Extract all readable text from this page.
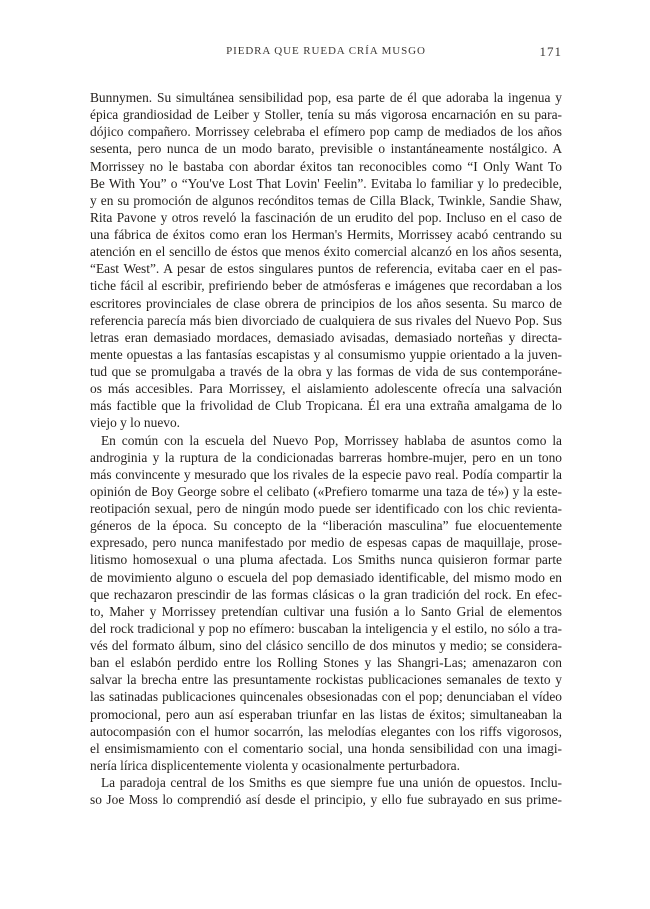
PIEDRA QUE RUEDA CRÍA MUSGO	171
Bunnymen. Su simultánea sensibilidad pop, esa parte de él que adoraba la ingenua y
épica grandiosidad de Leiber y Stoller, tenía su más vigorosa encarnación en su para-
dójico compañero. Morrissey celebraba el efímero pop camp de mediados de los años
sesenta, pero nunca de un modo barato, previsible o instantáneamente nostálgico. A
Morrissey no le bastaba con abordar éxitos tan reconocibles como “I Only Want To
Be With You” o “You've Lost That Lovin' Feelin”. Evitaba lo familiar y lo predecible,
y en su promoción de algunos recónditos temas de Cilla Black, Twinkle, Sandie Shaw,
Rita Pavone y otros reveló la fascinación de un erudito del pop. Incluso en el caso de
una fábrica de éxitos como eran los Herman's Hermits, Morrissey acabó centrando su
atención en el sencillo de éstos que menos éxito comercial alcanzó en los años sesenta,
“East West”. A pesar de estos singulares puntos de referencia, evitaba caer en el pas-
tiche fácil al escribir, prefiriendo beber de atmósferas e imágenes que recordaban a los
escritores provinciales de clase obrera de principios de los años sesenta. Su marco de
referencia parecía más bien divorciado de cualquiera de sus rivales del Nuevo Pop. Sus
letras eran demasiado mordaces, demasiado avisadas, demasiado norteñas y directa-
mente opuestas a las fantasías escapistas y al consumismo yuppie orientado a la juven-
tud que se promulgaba a través de la obra y las formas de vida de sus contemporáne-
os más accesibles. Para Morrissey, el aislamiento adolescente ofrecía una salvación
más factible que la frivolidad de Club Tropicana. Él era una extraña amalgama de lo
viejo y lo nuevo.
En común con la escuela del Nuevo Pop, Morrissey hablaba de asuntos como la
androginia y la ruptura de la condicionadas barreras hombre-mujer, pero en un tono
más convincente y mesurado que los rivales de la especie pavo real. Podía compartir la
opinión de Boy George sobre el celibato («Prefiero tomarme una taza de té») y la este-
reotipación sexual, pero de ningún modo puede ser identificado con los chic revienta-
géneros de la época. Su concepto de la “liberación masculina” fue elocuentemente
expresado, pero nunca manifestado por medio de espesas capas de maquillaje, prose-
litismo homosexual o una pluma afectada. Los Smiths nunca quisieron formar parte
de movimiento alguno o escuela del pop demasiado identificable, del mismo modo en
que rechazaron prescindir de las formas clásicas o la gran tradición del rock. En efec-
to, Maher y Morrissey pretendían cultivar una fusión a lo Santo Grial de elementos
del rock tradicional y pop no efímero: buscaban la inteligencia y el estilo, no sólo a tra-
vés del formato álbum, sino del clásico sencillo de dos minutos y medio; se considera-
ban el eslabón perdido entre los Rolling Stones y las Shangri-Las; amenazaron con
salvar la brecha entre las presuntamente rockistas publicaciones semanales de texto y
las satinadas publicaciones quincenales obsesionadas con el pop; denunciaban el vídeo
promocional, pero aun así esperaban triunfar en las listas de éxitos; simultaneaban la
autocompasión con el humor socarrón, las melodías elegantes con los riffs vigorosos,
el ensimismamiento con el comentario social, una honda sensibilidad con una imagi-
nería lírica displicentemente violenta y ocasionalmente perturbadora.
La paradoja central de los Smiths es que siempre fue una unión de opuestos. Inclu-
so Joe Moss lo comprendió así desde el principio, y ello fue subrayado en sus prime-
